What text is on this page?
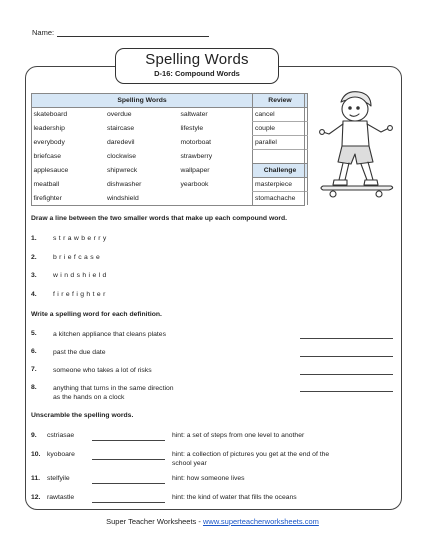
Name:
Spelling Words
D-16: Compound Words
Spelling Words			Review
skateboard	overdue	saltwater	cancel
leadership	staircase	lifestyle	couple
everybody	daredevil	motorboat	parallel
briefcase	clockwise	strawberry	
applesauce	shipwreck	wallpaper	Challenge
meatball	dishwasher	yearbook	masterpiece
firefighter	windshield		stomachache
Draw a line between the two smaller words that make up each compound word.
1. strawberry
2. briefcase
3. windshield
4. firefighter
Write a spelling word for each definition.
5. a kitchen appliance that cleans plates
6. past the due date
7. someone who takes a lot of risks
8. anything that turns in the same direction
as the hands on a clock
Unscramble the spelling words.
9. cstriasae	hint: a set of steps from one level to another
10. kyoboare	hint: a collection of pictures you get at the end of the
school year
11. stelfyile	hint: how someone lives
12. rawtastle	hint: the kind of water that fills the oceans
Super Teacher Worksheets - www.superteacherworksheets.com
